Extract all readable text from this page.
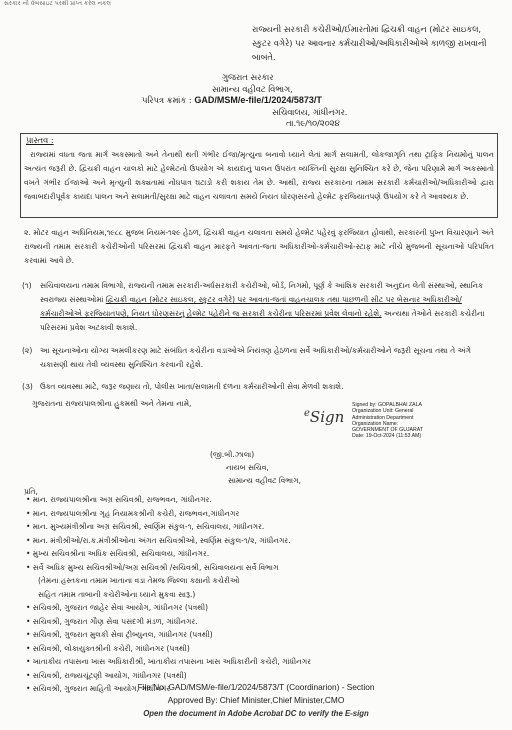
સરકાર ની વેબસાઇટ પરથી પ્રાપ્ત કરેલ નકલ
રાજ્યની સરકારી કચેરીઓ/ઈમારતોમાં દ્વિચક્રી વાહન (મોટર સાઇકલ, સ્કુટર વગેરે) પર આવનાર કર્મચારીઓ/અધિકારીઓએ કાળજી રાખવાની બાબતે.
ગુજરાત સરકાર
સામાન્ય વહીવટ વિભાગ,
પરિપત્ર ક્રમાંક : GAD/MSM/e-file/1/2024/5873/T
સચિવાલય, ગાંધીનગર.
તા.૧૯/૧૦/૨૦૨૪
પ્રાસ્તવ :
રાજ્યમાં વધતા જતા માર્ગ અકસ્માતો અને તેનાથી થતી ગંભીર ઈજા/મૃત્યુના બનાવો ધ્યાને લેતાં માર્ગ સલામતી, લોકજાગૃતિ તથા ટ્રાફિક નિયમોનું પાલન અત્યંત જરૂરી છે. દ્વિચક્રી વાહન ચાલકો માટે હેલ્મેટનો ઉપયોગ એ કાયદાનું પાલન ઉપરાંત વ્યક્તિની સુરક્ષા સુનિશ્ચિત કરે છે, જેના પરિણામે માર્ગ અકસ્માતો વખતે ગંભીર ઈજાઓ અને મૃત્યુની શક્યતામાં નોંધપાત્ર ઘટાડો કરી શકાય તેમ છે. આથી, રાજ્ય સરકારના તમામ સરકારી કર્મચારીઓ/અધિકારીઓ દ્વારા જવાબદારીપૂર્વક કાયદા પાલન અને સલામતી/સુરક્ષા માટે વાહન ચલાવતા સમયે નિયત ધોરણસરનો હેલ્મેટ ફરજિયાતપણે ઉપયોગ કરે તે આવશ્યક છે.
૨. મોટર વાહન અધિનિયમ,૧૯૮૮ મુજબ નિયમ-૧૨૯ હેઠળ, દ્વિચક્રી વાહન ચલાવતા સમયે હેલ્મેટ પહેરવું ફરજિયાત હોવાથી, સરકારની પુખ્ત વિચારણાને અંતે રાજ્યની તમામ સરકારી કચેરીઓની પરિસરમાં દ્વિચક્રી વાહન મારફતે આવતા-જતા અધિકારીઓ-કર્મચારીઓ-સ્ટાફ માટે નીચે મુજબની સૂચનાઓ પરિપત્રિત કરવામાં આવે છે.
(૧) સચિવાલયના તમામ વિભાગો, રાજ્યની તમામ સરકારી-અર્ધસરકારી કચેરીઓ, બોર્ડ, નિગમો, પૂર્ણ કે આંશિક સરકારી અનુદાન લેતી સંસ્થાઓ, સ્થાનિક સ્વરાજ્ય સંસ્થાઓમાં દ્વિચક્રી વાહન (મોટર સાઇકલ, સ્કુટર વગેરે) પર આવતા-જતાં વાહનચાલક તથા પાછળની સીટ પર બેસનાર અધિકારીઓ/કર્મચારીઓએ ફરજિયાતપણે, નિયત ધોરણસરનું હેલ્મેટ પહેરીને જ સરકારી કચેરીના પરિસરમાં પ્રવેશ લેવાનો રહેશે, અન્યથા તેઓને સરકારી કચેરીના પરિસરમાં પ્રવેશ અટકાવી શકાશે.
(૨) આ સૂચનાઓના યોગ્ય અમલીકરણ માટે સંબંધિત કચેરીના વડાઓએ નિયંત્રણ હેઠળના સર્વે અધિકારીઓ/કર્મચારીઓને જરૂરી સૂચના તથા તે અંગે ચકાસણી થાય તેવી વ્યવસ્થા સુનિશ્ચિત કરવાની રહેશે.
(૩) ઉક્ત વ્યવસ્થા માટે, જરૂર જણાય તો, પોલીસ ખાતા/સલામતી દળના કર્મચારીઓની સેવા મેળવી શકાશે.
ગુજરાતના રાજ્યપાલશ્રીના હુકમથી અને તેમના નામે,
$^e$Sign
Signed by: GOPALBHAI ZALA
Organization Unit: General
Administration Department
Organization Name:
GOVERNMENT OF GUJARAT
Date: 19-Oct-2024 (11:53 AM)
(જી.બી.ઝાલા)
નાયબ સચિવ,
સામાન્ય વહીવટ વિભાગ,
પ્રતિ,
• માન. રાજ્યપાલશ્રીના અગ્ર સચિવશ્રી, રાજભવન, ગાંધીનગર.
• માન. રાજ્યપાલશ્રીના ગૃહ નિયામકશ્રીની કચેરી, રાજભવન,ગાંધીનગર
• માન. મુખ્યમંત્રીશ્રીના અગ્ર સચિવશ્રી, સ્વર્ણિમ સંકુલ-૧, સચિવાલય, ગાંધીનગર.
• માન. મંત્રીશ્રીઓ/રા.ક.મંત્રીશ્રીઓના અંગત સચિવશ્રીઓ, સ્વર્ણિમ સંકુલ-૧/૨, ગાંધીનગર.
• મુખ્ય સચિવશ્રીના અધિક સચિવશ્રી, સચિવાલય, ગાંધીનગર.
• સર્વે અધિક મુખ્ય સચિવશ્રીઓ/અગ્ર સચિવશ્રી /સચિવશ્રી, સચિવાલયના સર્વે વિભાગ
(તેમના હસ્તકના તમામ ખાતાના વડા તેમજ જિલ્લા કક્ષાની કચેરીઓ
સહિત તમામ તાબાની કચેરીઓના ધ્યાને મુકવા સારૂ.)
• સચિવશ્રી, ગુજરાત જાહેર સેવા આયોગ, ગાંધીનગર (પત્રથી)
• સચિવશ્રી, ગુજરાત ગૌણ સેવા પસંદગી મંડળ, ગાંધીનગર.
• સચિવશ્રી, ગુજરાત મુલકી સેવા ટ્રીબ્યુનલ, ગાંધીનગર (પત્રથી)
• સચિવશ્રી, લોકાયુક્તશ્રીની કચેરી, ગાંધીનગર (પત્રથી)
• ખાતાકીય તપાસના ખાસ અધિકારીશ્રી, ખાતાકીય તપાસના ખાસ અધિકારીની કચેરી, ગાંધીનગર
• સચિવશ્રી, રાજ્યચૂંટણી આયોગ, ગાંધીનગર (પત્રથી)
• સચિવશ્રી, ગુજરાત માહિતી આયોગ, ગાંધીનગર
File No: GAD/MSM/e-file/1/2024/5873/T (Coordinarion) - Section
Approved By: Chief Minister,Chief Minister,CMO
Open the document in Adobe Acrobat DC to verify the E-sign
